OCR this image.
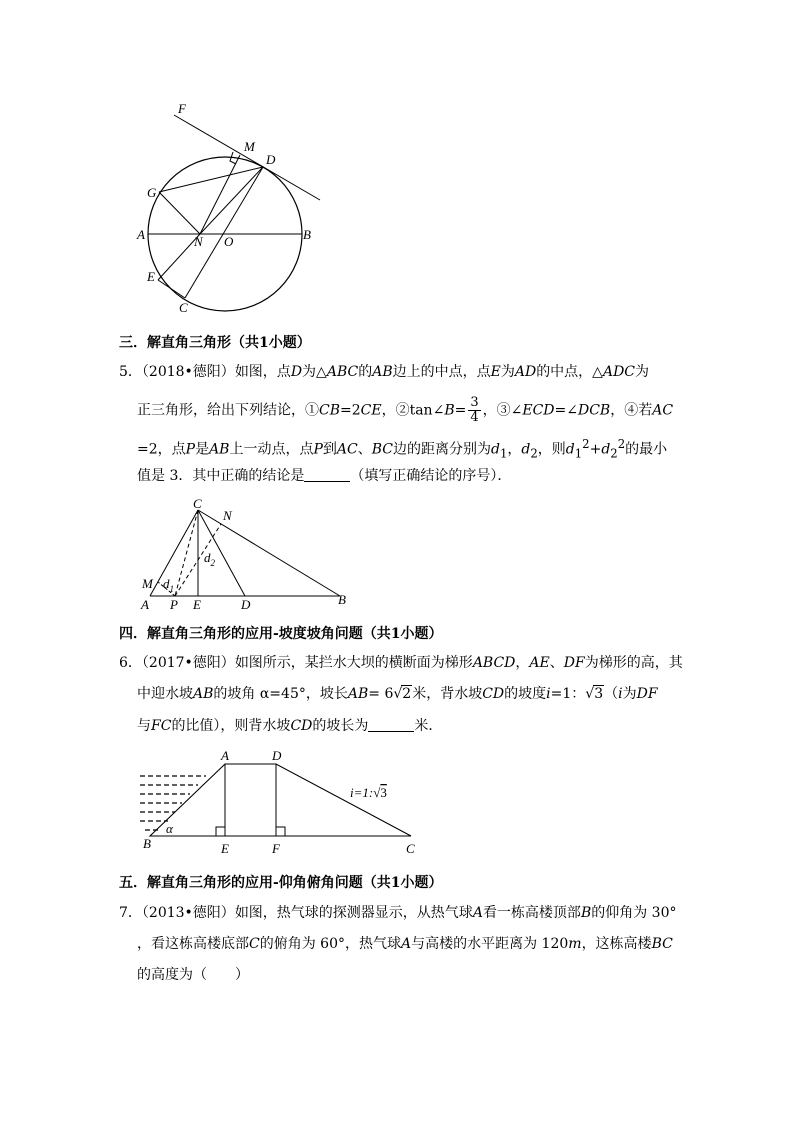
F
M
D
G
A	N O	B
E
C
三．解直角三角形（共1小题）
5．（2018•德阳）如图，点D为△ABC的AB边上的中点，点E为AD的中点，△ADC为
正三角形，给出下列结论，①CB=2CE，②tan∠B= $\frac{3}{4}$ ，③∠ECD=∠DCB，④若AC
=2，点P是AB上一动点，点P到AC、BC边的距离分别为$d_1$，$d_2$，则$d_1^2+d_2^2$的最小
值是 3．其中正确的结论是	（填写正确结论的序号）．
C
N
$d_2$
M $d_1$
A P E	D	B
四．解直角三角形的应用-坡度坡角问题（共1小题）
6．（2017•德阳）如图所示，某拦水大坝的横断面为梯形ABCD，AE、DF为梯形的高，其
中迎水坡AB的坡角 α=45°，坡长AB= 6√2米，背水坡CD的坡度i=1：√3（i为DF
与FC的比值），则背水坡CD的坡长为	米．
A	D
i=1:√3
α
B	E	F	C
五．解直角三角形的应用-仰角俯角问题（共1小题）
7．（2013•德阳）如图，热气球的探测器显示，从热气球A看一栋高楼顶部B的仰角为 30°
，看这栋高楼底部C的俯角为 60°，热气球A与高楼的水平距离为 120m，这栋高楼BC
的高度为（　　）
